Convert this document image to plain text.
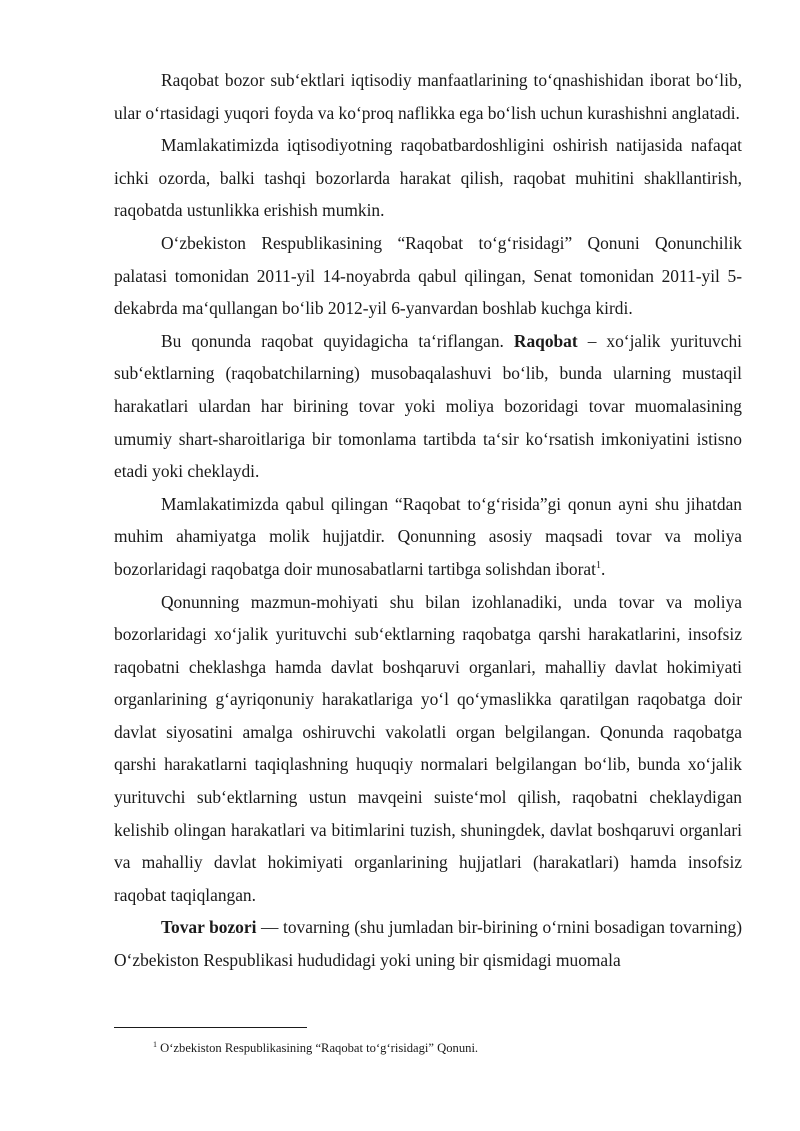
Raqobat bozor sub‘ektlari iqtisodiy manfaatlarining to‘qnashishidan iborat bo‘lib, ular o‘rtasidagi yuqori foyda va ko‘proq naflikka ega bo‘lish uchun kurashishni anglatadi.

Mamlakatimizda iqtisodiyotning raqobatbardoshligini oshirish natijasida nafaqat ichki ozorda, balki tashqi bozorlarda harakat qilish, raqobat muhitini shakllantirish, raqobatda ustunlikka erishish mumkin.

O‘zbekiston Respublikasining “Raqobat to‘g‘risidagi” Qonuni Qonunchilik palatasi tomonidan 2011-yil 14-noyabrda qabul qilingan, Senat tomonidan 2011-yil 5-dekabrda ma‘qullangan bo‘lib 2012-yil 6-yanvardan boshlab kuchga kirdi.

Bu qonunda raqobat quyidagicha ta‘riflangan. Raqobat – xo‘jalik yurituvchi sub‘ektlarning (raqobatchilarning) musobaqalashuvi bo‘lib, bunda ularning mustaqil harakatlari ulardan har birining tovar yoki moliya bozoridagi tovar muomalasining umumiy shart-sharoitlariga bir tomonlama tartibda ta‘sir ko‘rsatish imkoniyatini istisno etadi yoki cheklaydi.

Mamlakatimizda qabul qilingan “Raqobat to‘g‘risida”gi qonun ayni shu jihatdan muhim ahamiyatga molik hujjatdir. Qonunning asosiy maqsadi tovar va moliya bozorlaridagi raqobatga doir munosabatlarni tartibga solishdan iborat$^1$.

Qonunning mazmun-mohiyati shu bilan izohlanadiki, unda tovar va moliya bozorlaridagi xo‘jalik yurituvchi sub‘ektlarning raqobatga qarshi harakatlarini, insofsiz raqobatni cheklashga hamda davlat boshqaruvi organlari, mahalliy davlat hokimiyati organlarining g‘ayriqonuniy harakatlariga yo‘l qo‘ymaslikka qaratilgan raqobatga doir davlat siyosatini amalga oshiruvchi vakolatli organ belgilangan. Qonunda raqobatga qarshi harakatlarni taqiqlashning huquqiy normalari belgilangan bo‘lib, bunda xo‘jalik yurituvchi sub‘ektlarning ustun mavqeini suiste‘mol qilish, raqobatni cheklaydigan kelishib olingan harakatlari va bitimlarini tuzish, shuningdek, davlat boshqaruvi organlari va mahalliy davlat hokimiyati organlarining hujjatlari (harakatlari) hamda insofsiz raqobat taqiqlangan.

Tovar bozori — tovarning (shu jumladan bir-birining o‘rnini bosadigan tovarning) O‘zbekiston Respublikasi hududidagi yoki uning bir qismidagi muomala

$^1$ O‘zbekiston Respublikasining “Raqobat to‘g‘risidagi” Qonuni.
